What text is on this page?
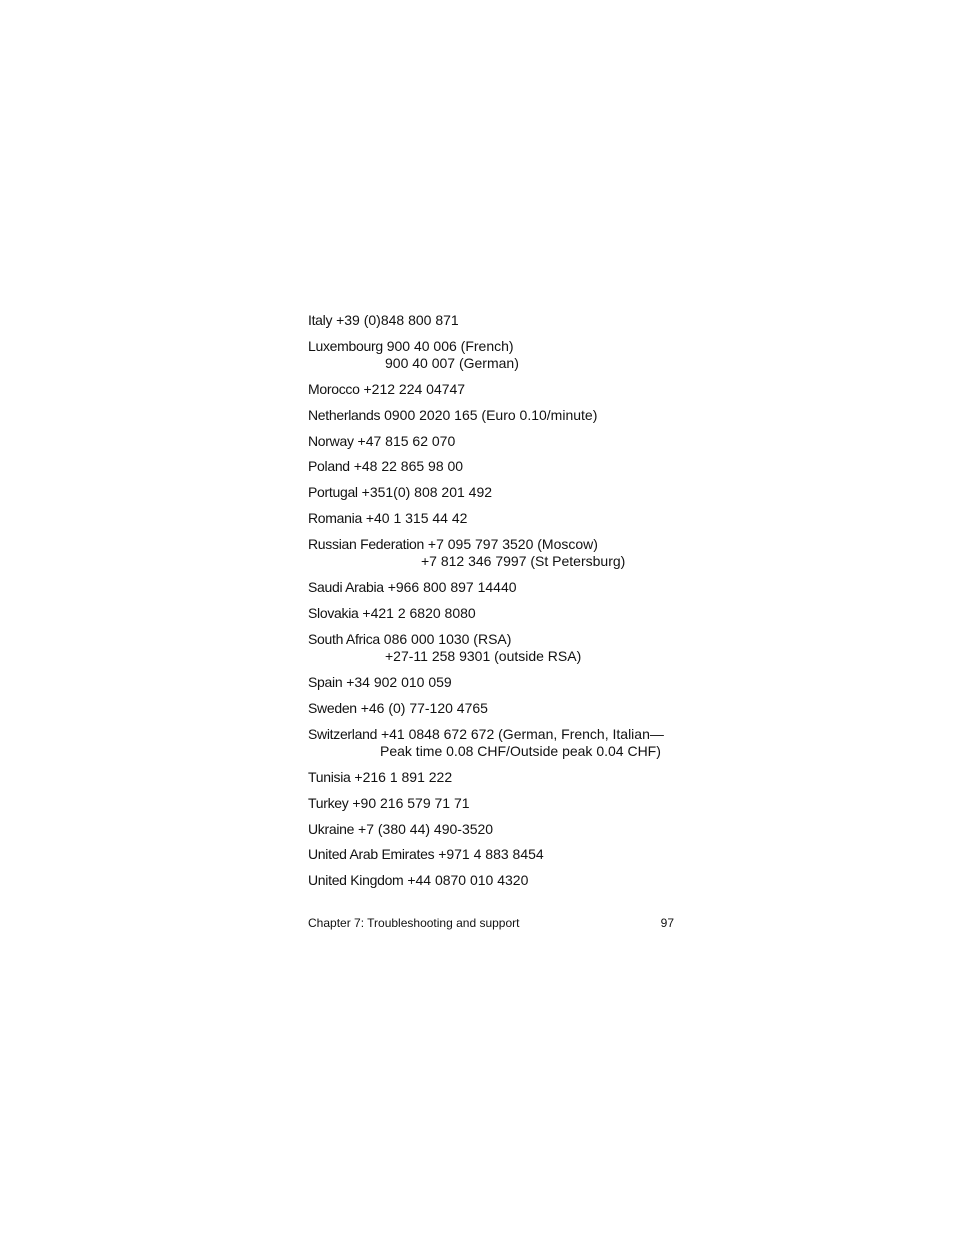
Italy +39 (0)848 800 871
Luxembourg 900 40 006 (French)
900 40 007 (German)
Morocco +212 224 04747
Netherlands 0900 2020 165 (Euro 0.10/minute)
Norway +47 815 62 070
Poland +48 22 865 98 00
Portugal +351(0) 808 201 492
Romania +40 1 315 44 42
Russian Federation +7 095 797 3520 (Moscow)
+7 812 346 7997 (St Petersburg)
Saudi Arabia +966 800 897 14440
Slovakia +421 2 6820 8080
South Africa 086 000 1030 (RSA)
+27-11 258 9301 (outside RSA)
Spain +34 902 010 059
Sweden +46 (0) 77-120 4765
Switzerland +41 0848 672 672 (German, French, Italian—
Peak time 0.08 CHF/Outside peak 0.04 CHF)
Tunisia +216 1 891 222
Turkey +90 216 579 71 71
Ukraine +7 (380 44) 490-3520
United Arab Emirates +971 4 883 8454
United Kingdom +44 0870 010 4320
Chapter 7: Troubleshooting and support	97
